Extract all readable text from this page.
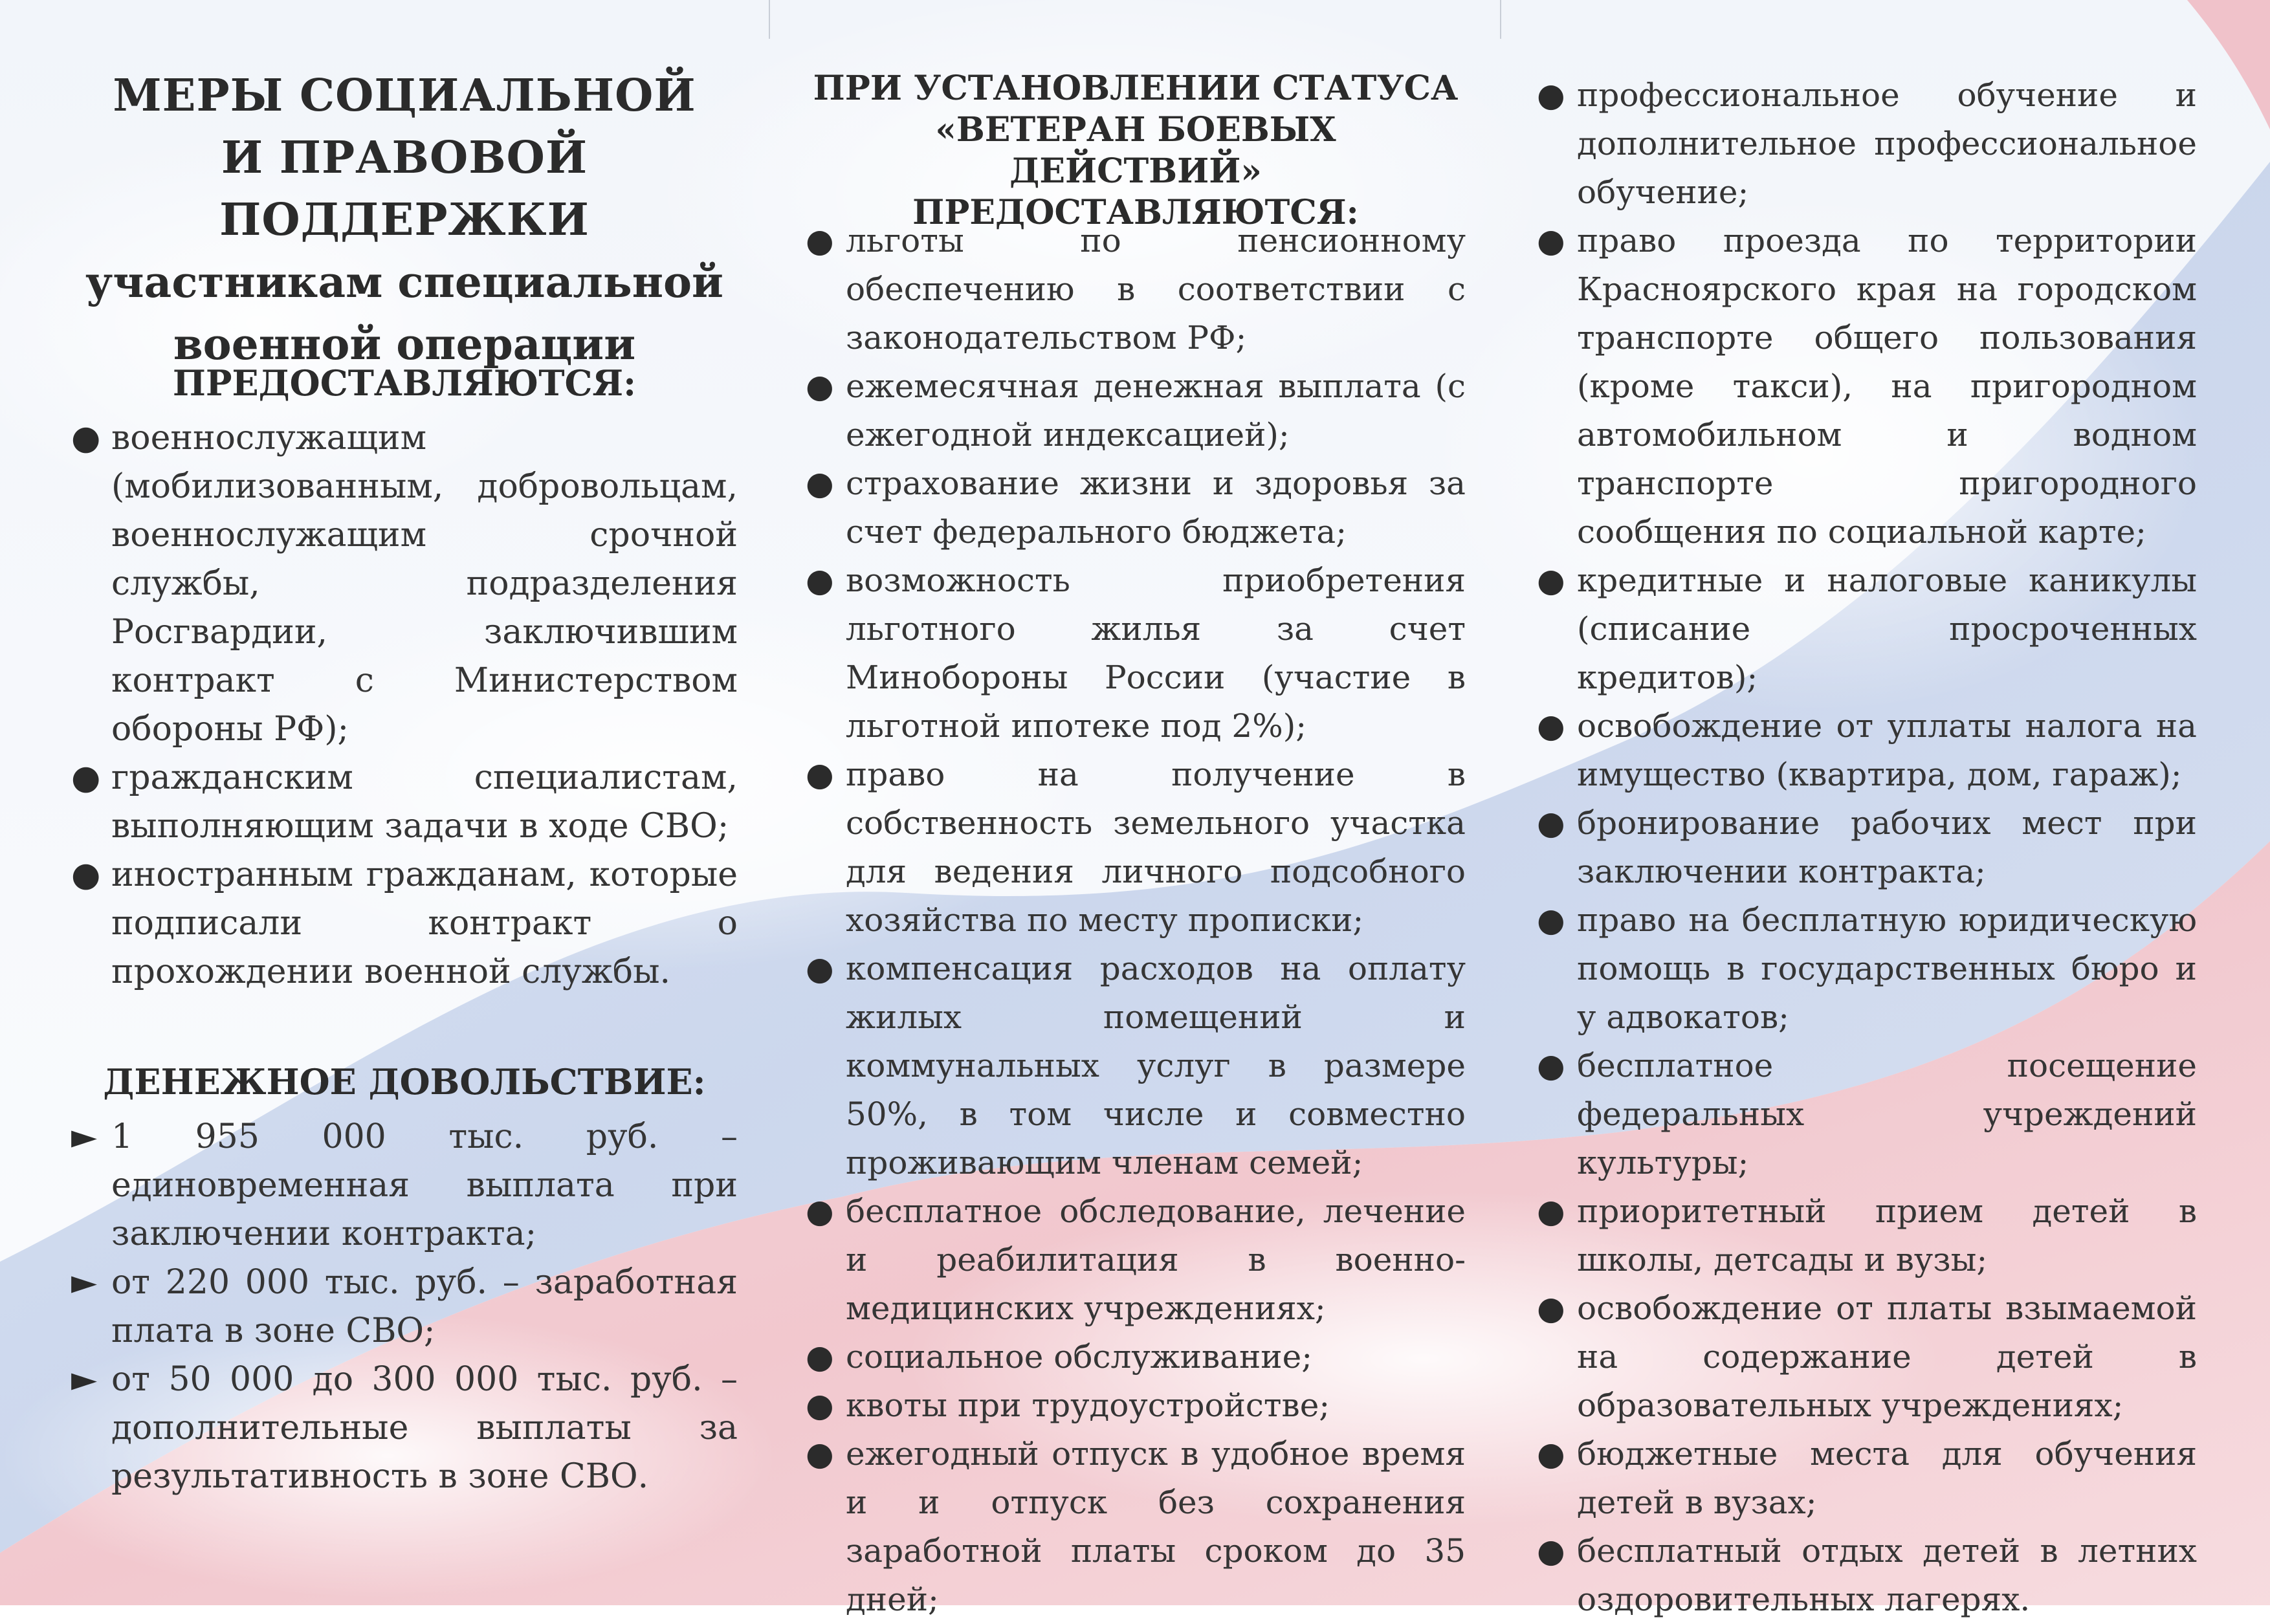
МЕРЫ СОЦИАЛЬНОЙ
И ПРАВОВОЙ ПОДДЕРЖКИ
участникам специальной
военной операции
ПРЕДОСТАВЛЯЮТСЯ:
● военнослужащим (мобилизованным, добровольцам, военнослужащим срочной службы, подразделения Росгвардии, заключившим контракт с Министерством обороны РФ);
● гражданским специалистам, выполняющим задачи в ходе СВО;
● иностранным гражданам, которые подписали контракт о прохождении военной службы.
ДЕНЕЖНОЕ ДОВОЛЬСТВИЕ:
► 1 955 000 тыс. руб. – единовременная выплата при заключении контракта;
► от 220 000 тыс. руб. – заработная плата в зоне СВО;
► от 50 000 до 300 000 тыс. руб. – дополнительные выплаты за результативность в зоне СВО.
ПРИ УСТАНОВЛЕНИИ СТАТУСА
«ВЕТЕРАН БОЕВЫХ ДЕЙСТВИЙ»
ПРЕДОСТАВЛЯЮТСЯ:
● льготы по пенсионному обеспечению в соответствии с законодательством РФ;
● ежемесячная денежная выплата (с ежегодной индексацией);
● страхование жизни и здоровья за счет федерального бюджета;
● возможность приобретения льготного жилья за счет Минобороны России (участие в льготной ипотеке под 2%);
● право на получение в собственность земельного участка для ведения личного подсобного хозяйства по месту прописки;
● компенсация расходов на оплату жилых помещений и коммунальных услуг в размере 50%, в том числе и совместно проживающим членам семей;
● бесплатное обследование, лечение и реабилитация в военно-медицинских учреждениях;
● социальное обслуживание;
● квоты при трудоустройстве;
● ежегодный отпуск в удобное время и и отпуск без сохранения заработной платы сроком до 35 дней;
● профессиональное обучение и дополнительное профессиональное обучение;
● право проезда по территории Красноярского края на городском транспорте общего пользования (кроме такси), на пригородном автомобильном и водном транспорте пригородного сообщения по социальной карте;
● кредитные и налоговые каникулы (списание просроченных кредитов);
● освобождение от уплаты налога на имущество (квартира, дом, гараж);
● бронирование рабочих мест при заключении контракта;
● право на бесплатную юридическую помощь в государственных бюро и у адвокатов;
● бесплатное посещение федеральных учреждений культуры;
● приоритетный прием детей в школы, детсады и вузы;
● освобождение от платы взымаемой на содержание детей в образовательных учреждениях;
● бюджетные места для обучения детей в вузах;
● бесплатный отдых детей в летних оздоровительных лагерях.
